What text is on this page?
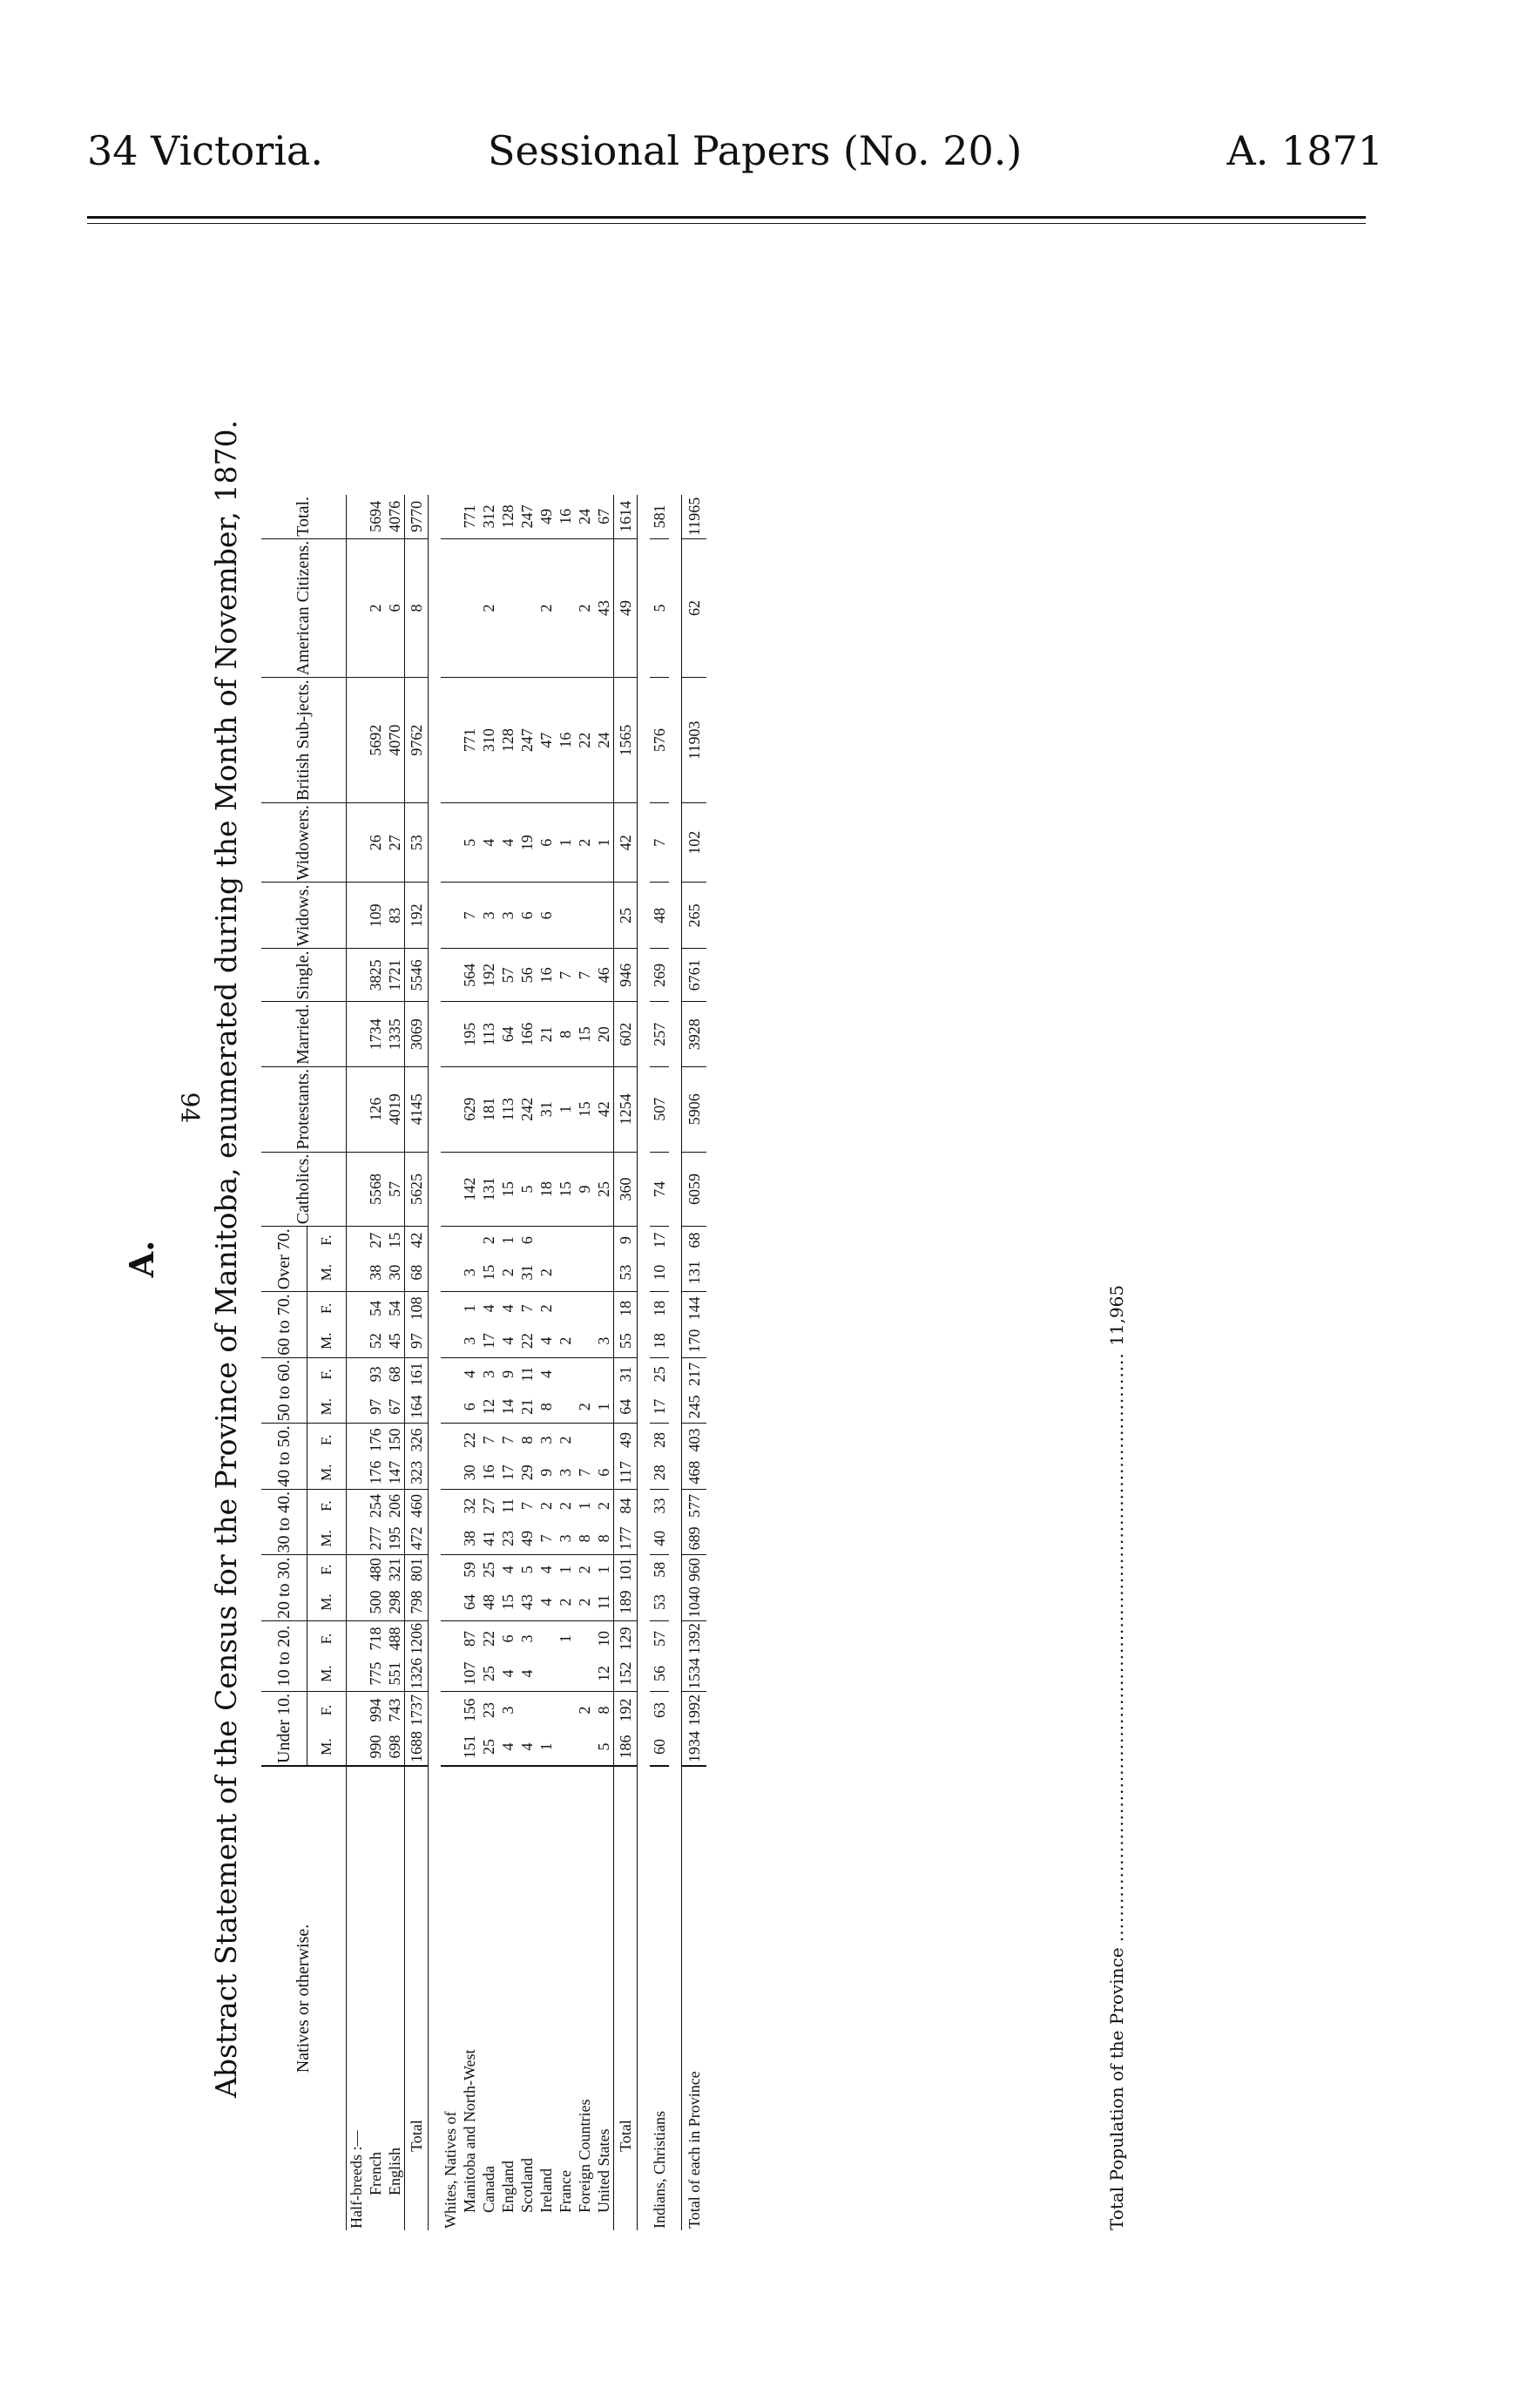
34 Victoria.	Sessional Papers (No. 20.)	A. 1871
A. Abstract Statement of the Census for the Province of Manitoba, enumerated during the Month of November, 1870.	Natives or otherwise.	Under 10.		10 to 20.		20 to 30.		30 to 40.		40 to 50.		50 to 60.		60 to 70.		Over 70.		Catholics.	Protestants.	Married.	Single.	Widows.	Widowers.	British Sub-jects.	American Citizens.	Total.
	M.	F.	M.	F.	M.	F.	M.	F.	M.	F.	M.	F.	M.	F.	M.	F.									
Half-breeds :—																									
French	990	994	775	718	500	480	277	254	176	176	97	93	52	54	38	27	5568	126	1734	3825	109	26	5692	2	5694
English	698	743	551	488	298	321	195	206	147	150	67	68	45	54	30	15	57	4019	1335	1721	83	27	4070	6	4076
Total	1688	1737	1326	1206	798	801	472	460	323	326	164	161	97	108	68	42	5625	4145	3069	5546	192	53	9762	8	9770

Whites, Natives of																									
Manitoba and North-West	151	156	107	87	64	59	38	32	30	22	6	4	3	1	3		142	629	195	564	7	5	771		771
Canada	25	23	25	22	48	25	41	27	16	7	12	3	17	4	15	2	131	181	113	192	3	4	310	2	312
England	4	3	4	6	15	4	23	11	17	7	14	9	4	4	2	1	15	113	64	57	3	4	128		128
Scotland	4		4	3	43	5	49	7	29	8	21	11	22	7	31	6	5	242	166	56	6	19	247		247
Ireland	1				4	4	7	2	9	3	8	4	4	2	2		18	31	21	16	6	6	47	2	49
France				1	2	1	3	2	3	2			2				15	1	8	7		1	16		16
Foreign Countries		2			2	2	8	1	7		2						9	15	15	7		2	22	2	24
United States	5	8	12	10	11	1	8	2	6		1		3				25	42	20	46		1	24	43	67
Total	186	192	152	129	189	101	177	84	117	49	64	31	55	18	53	9	360	1254	602	946	25	42	1565	49	1614

Indians, Christians	60	63	56	57	53	58	40	33	28	28	17	25	18	18	10	17	74	507	257	269	48	7	576	5	581

Total of each in Province	1934	1992	1534	1392	1040	960	689	577	468	403	245	217	170	144	131	68	6059	5906	3928	6761	265	102	11903	62	11965
Total Population of the Province ............................................................................................ 11,965
94
